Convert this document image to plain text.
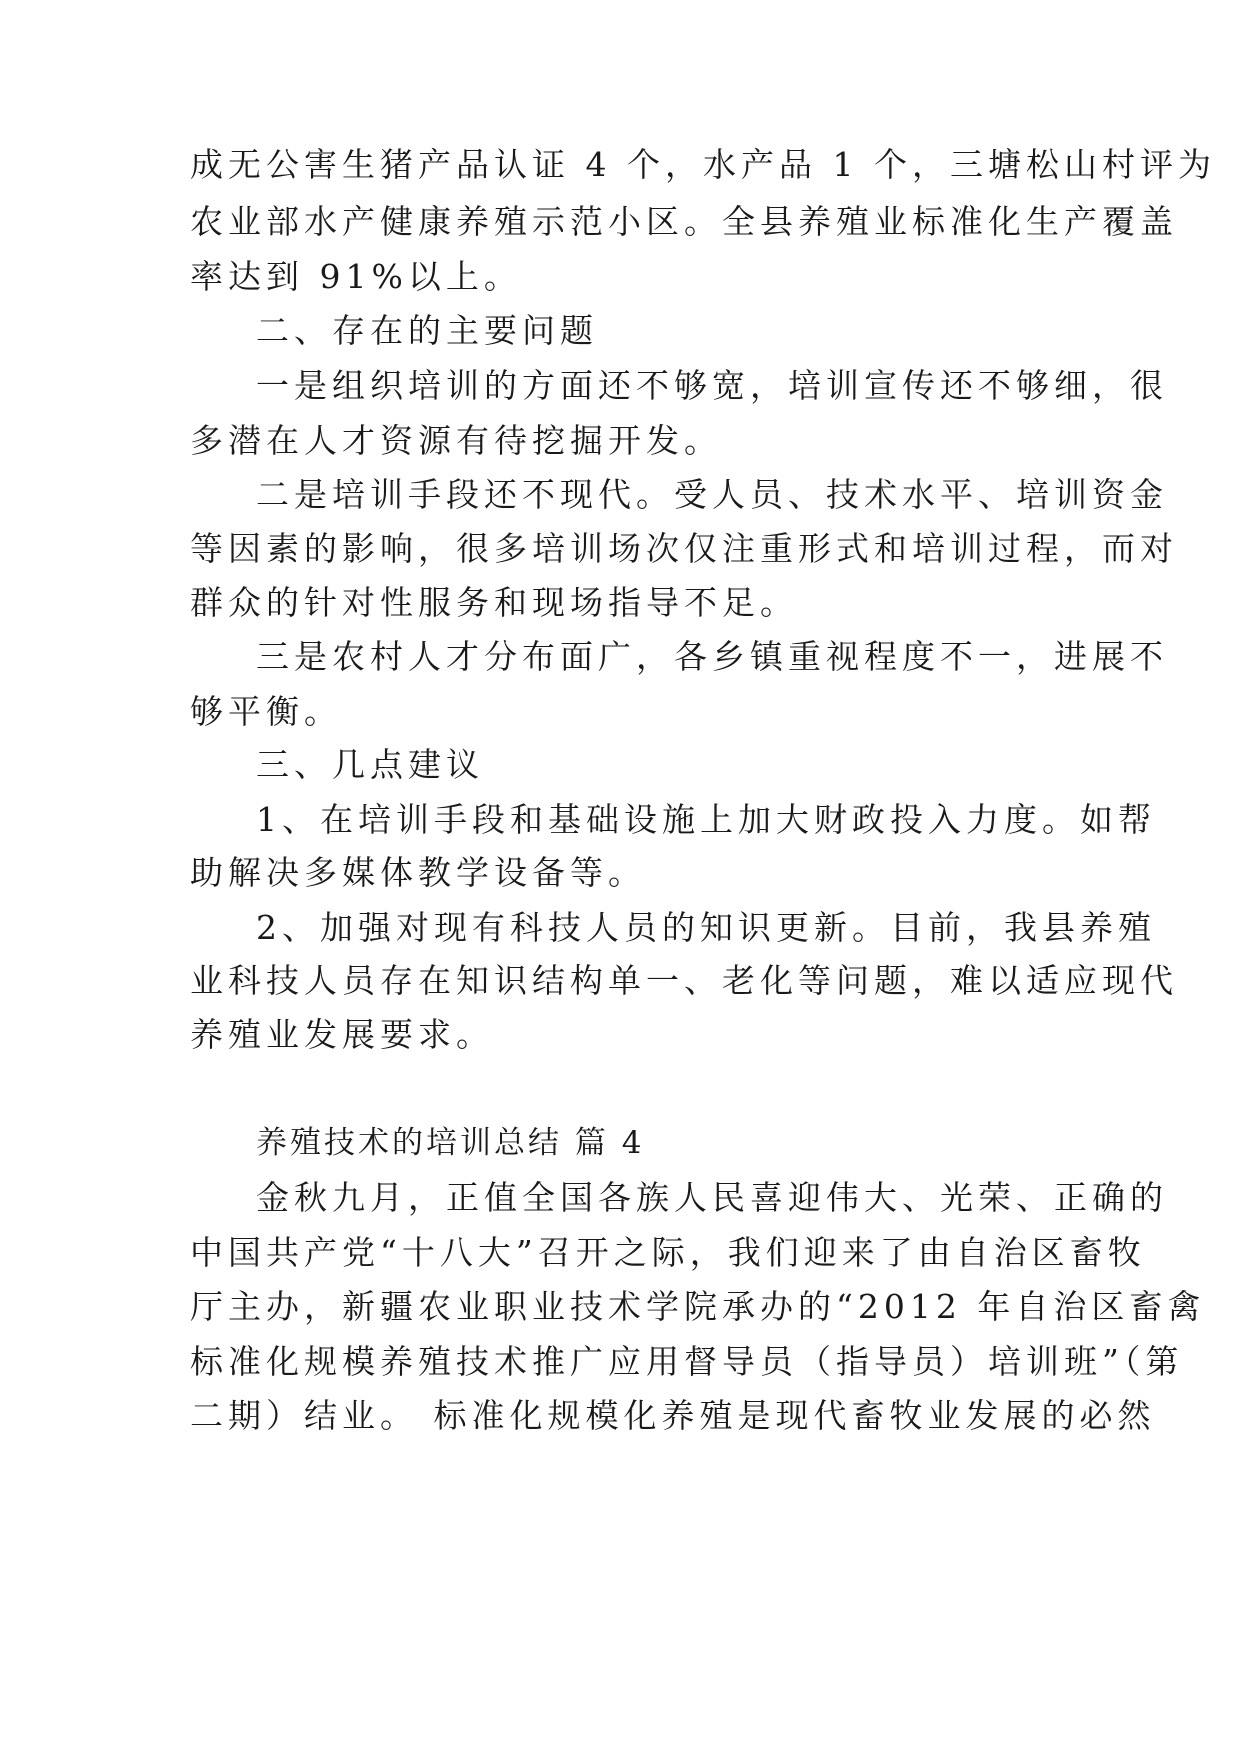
成无公害生猪产品认证 4 个，水产品 1 个，三塘松山村评为
农业部水产健康养殖示范小区。全县养殖业标准化生产覆盖
率达到 91%以上。
二、存在的主要问题
一是组织培训的方面还不够宽，培训宣传还不够细，很
多潜在人才资源有待挖掘开发。
二是培训手段还不现代。受人员、技术水平、培训资金
等因素的影响，很多培训场次仅注重形式和培训过程，而对
群众的针对性服务和现场指导不足。
三是农村人才分布面广，各乡镇重视程度不一，进展不
够平衡。
三、几点建议
1、在培训手段和基础设施上加大财政投入力度。如帮
助解决多媒体教学设备等。
2、加强对现有科技人员的知识更新。目前，我县养殖
业科技人员存在知识结构单一、老化等问题，难以适应现代
养殖业发展要求。
养殖技术的培训总结 篇 4
金秋九月，正值全国各族人民喜迎伟大、光荣、正确的
中国共产党“十八大”召开之际，我们迎来了由自治区畜牧
厅主办，新疆农业职业技术学院承办的“2012 年自治区畜禽
标准化规模养殖技术推广应用督导员（指导员）培训班”（第
二期）结业。 标准化规模化养殖是现代畜牧业发展的必然
